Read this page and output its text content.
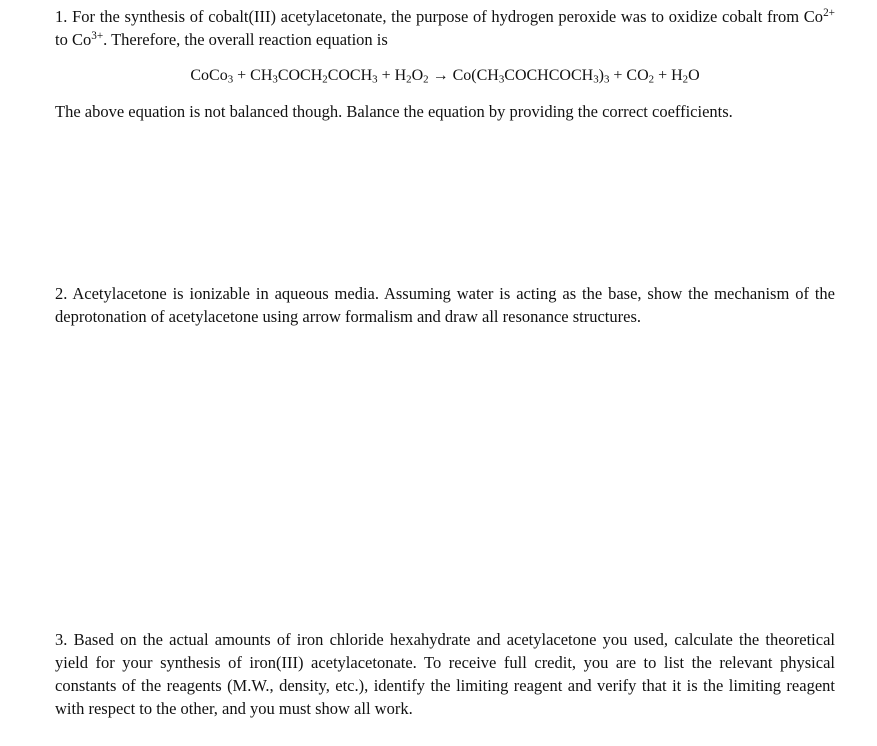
1. For the synthesis of cobalt(III) acetylacetonate, the purpose of hydrogen peroxide was to oxidize cobalt from $Co^{2+}$ to $Co^{3+}$. Therefore, the overall reaction equation is
CoCo$_3$ + $CH_3COCH_2COCH_3 + H_2O_2$ → $Co(CH_3COCHCOCH_3)_3 + CO_2 + H_2O$
The above equation is not balanced though. Balance the equation by providing the correct coefficients.
2. Acetylacetone is ionizable in aqueous media. Assuming water is acting as the base, show the mechanism of the deprotonation of acetylacetone using arrow formalism and draw all resonance structures.
3. Based on the actual amounts of iron chloride hexahydrate and acetylacetone you used, calculate the theoretical yield for your synthesis of iron(III) acetylacetonate. To receive full credit, you are to list the relevant physical constants of the reagents (M.W., density, etc.), identify the limiting reagent and verify that it is the limiting reagent with respect to the other, and you must show all work.
